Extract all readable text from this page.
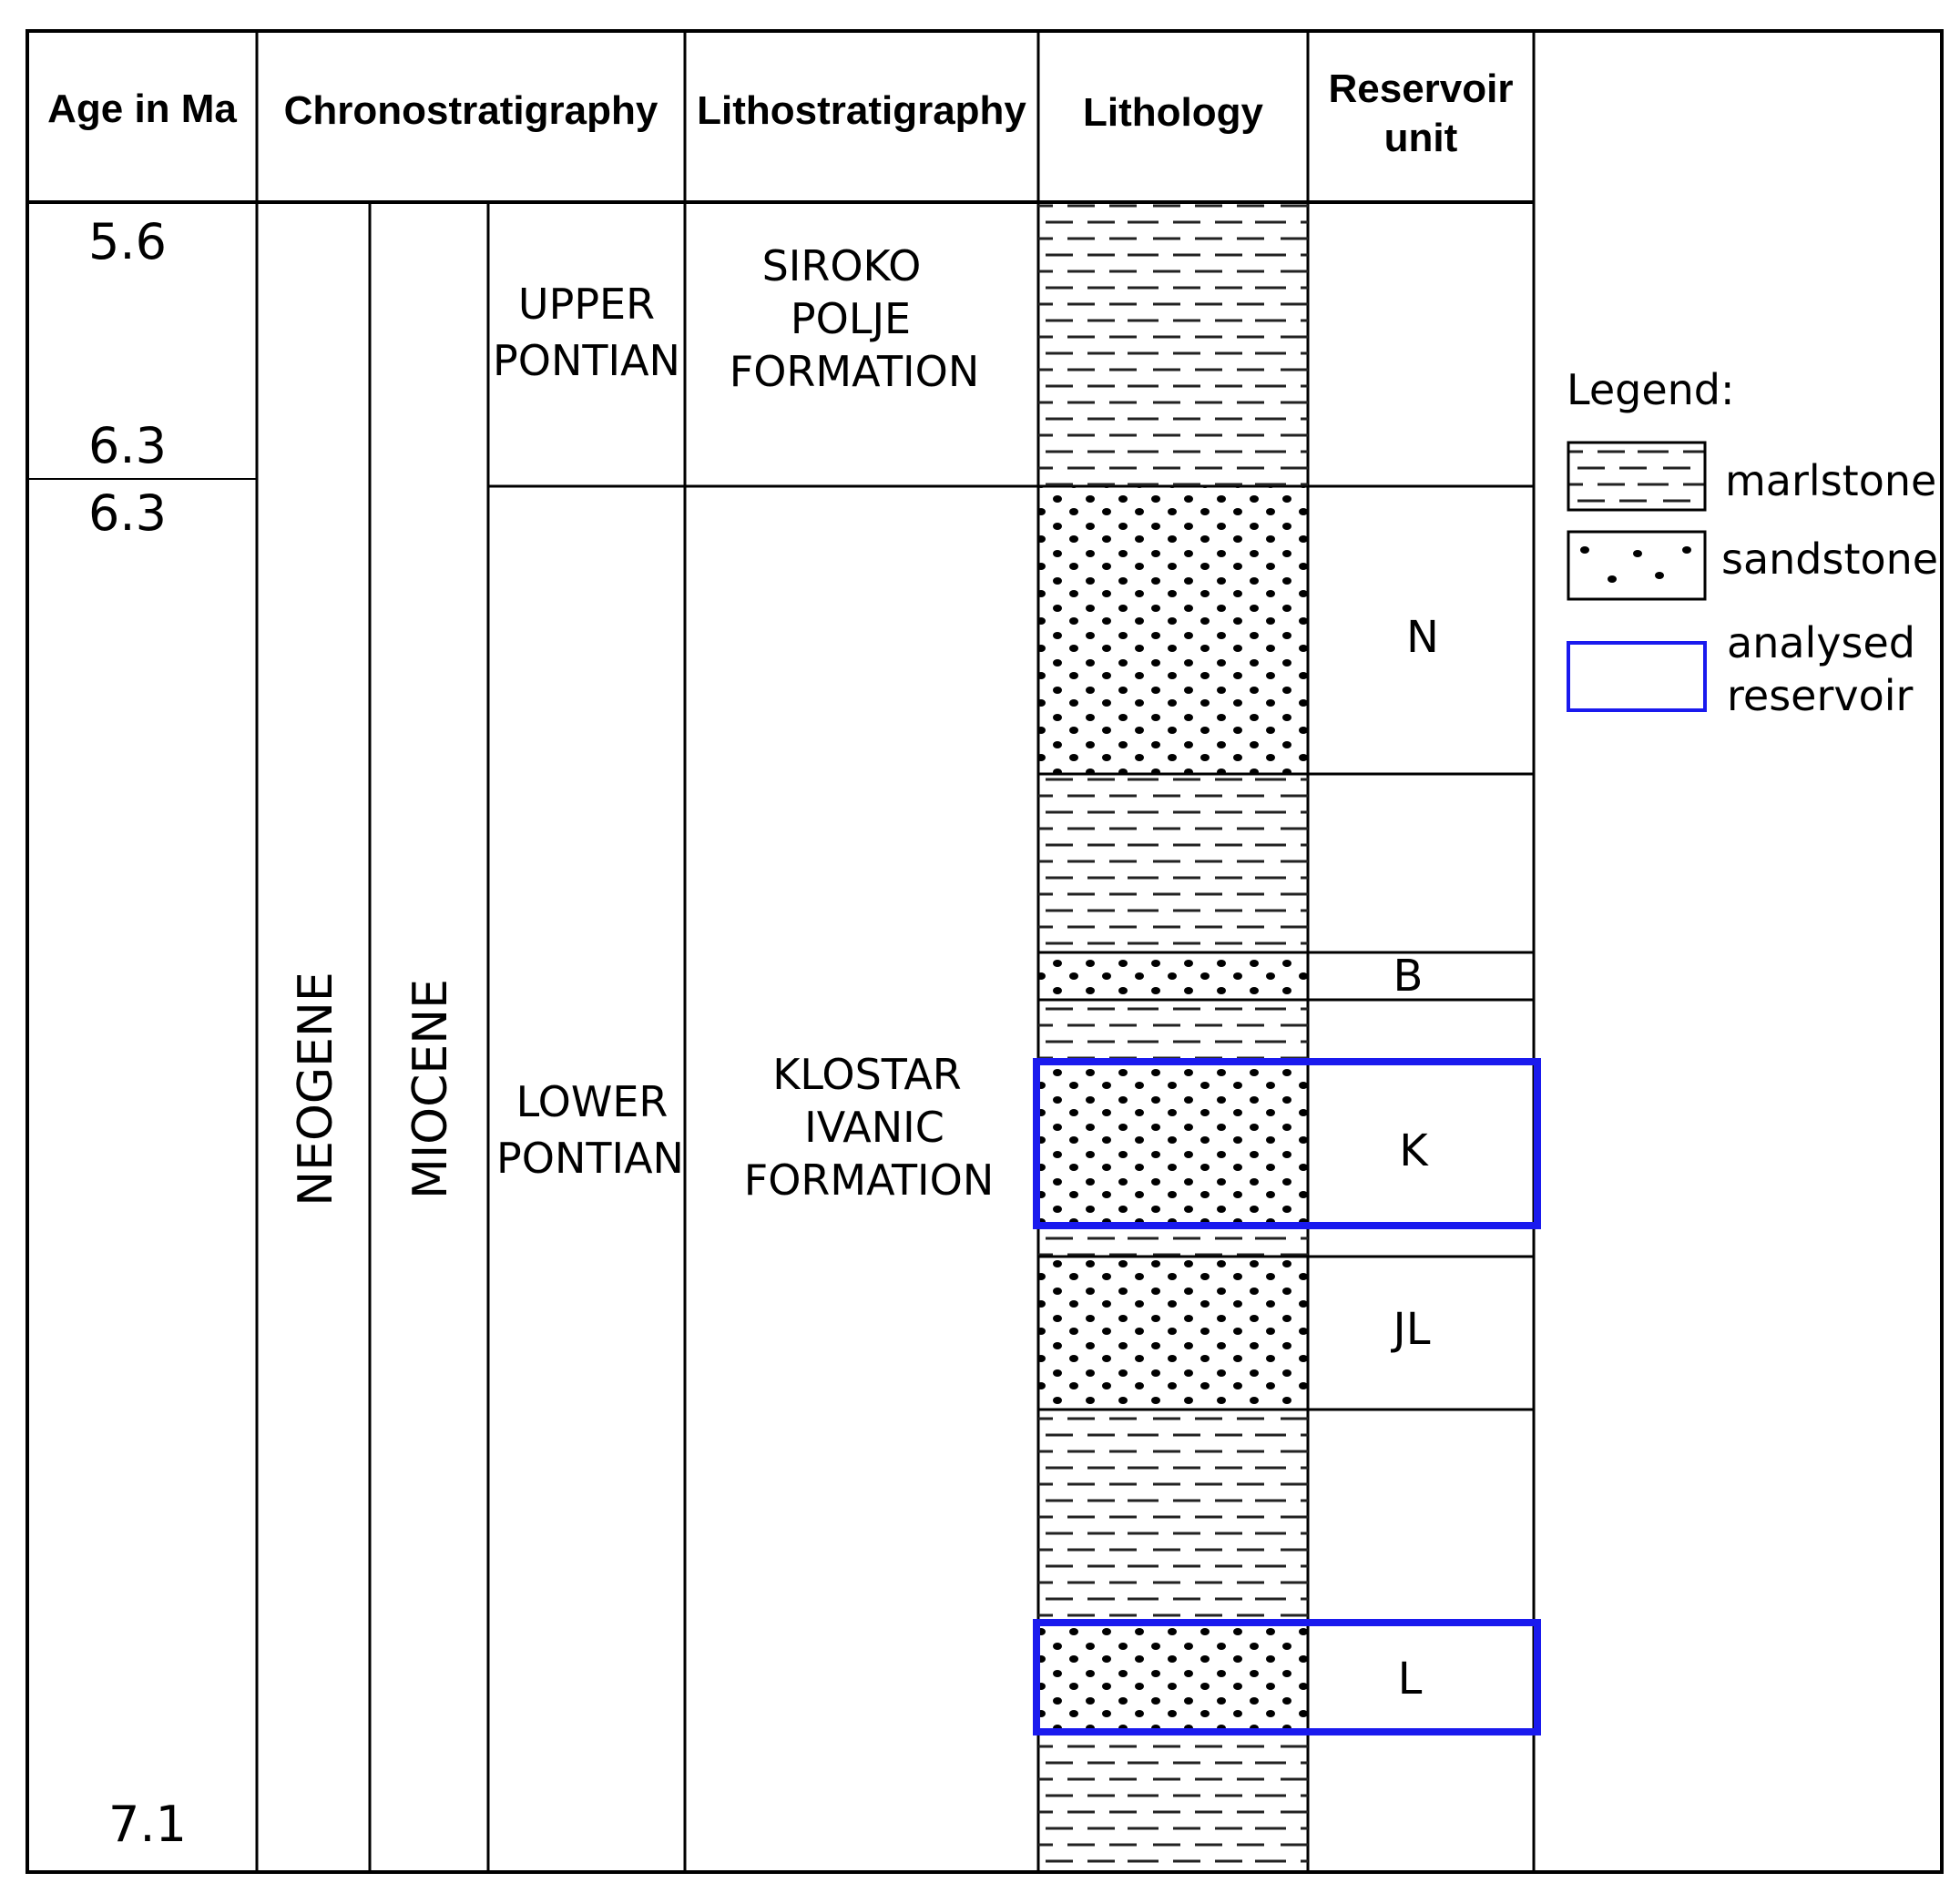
Age in Ma Chronostratigraphy Lithostratigraphy Lithology
Reservoir
unit
5.6
6.3
6.3
7.1
NEOGENE MIOCENE
UPPER
PONTIAN
LOWER
PONTIAN
SIROKO
POLJE
FORMATION
KLOSTAR
IVANIC
FORMATION
N
B
K
JL
L
Legend:
marlstone
sandstone
analysed
reservoir
